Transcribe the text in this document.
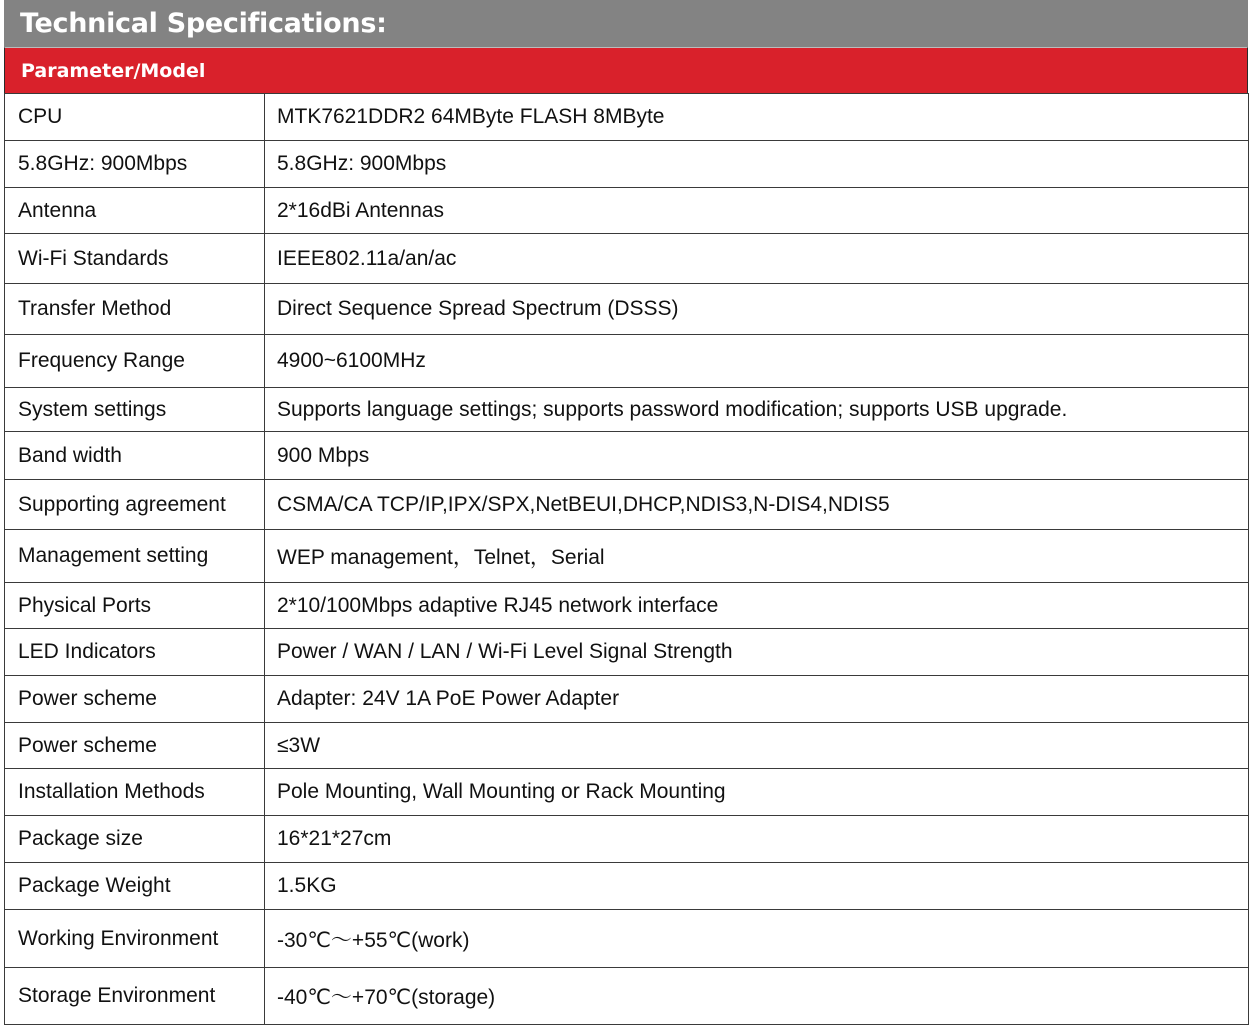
Technical Specifications:
Parameter/Model
CPU	MTK7621DDR2 64MByte FLASH 8MByte
5.8GHz: 900Mbps	5.8GHz: 900Mbps
Antenna	2*16dBi Antennas
Wi-Fi Standards	IEEE802.11a/an/ac
Transfer Method	Direct Sequence Spread Spectrum (DSSS)
Frequency Range	4900~6100MHz
System settings	Supports language settings; supports password modification; supports USB upgrade.
Band width	900 Mbps
Supporting agreement	CSMA/CA TCP/IP,IPX/SPX,NetBEUI,DHCP,NDIS3,N-DIS4,NDIS5
Management setting	WEP management，Telnet，Serial
Physical Ports	2*10/100Mbps adaptive RJ45 network interface
LED Indicators	Power / WAN / LAN / Wi-Fi Level Signal Strength
Power scheme	Adapter: 24V 1A PoE Power Adapter
Power scheme	≤3W
Installation Methods	Pole Mounting, Wall Mounting or Rack Mounting
Package size	16*21*27cm
Package Weight	1.5KG
Working Environment	-30℃～+55℃(work)
Storage Environment	-40℃～+70℃(storage)
